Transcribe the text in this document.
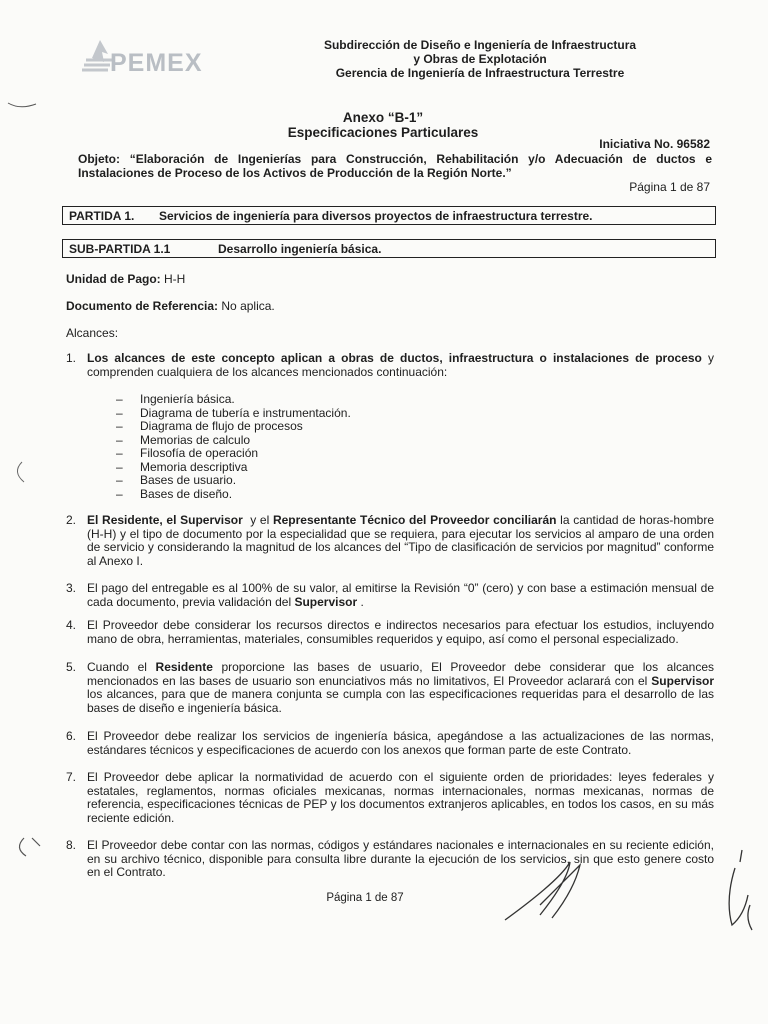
PEMEX
Subdirección de Diseño e Ingeniería de Infraestructura
y Obras de Explotación
Gerencia de Ingeniería de Infraestructura Terrestre
Anexo “B-1”
Especificaciones Particulares
Iniciativa No. 96582
Objeto: “Elaboración de Ingenierías para Construcción, Rehabilitación y/o Adecuación de ductos e Instalaciones de Proceso de los Activos de Producción de la Región Norte.”
Página 1 de 87
PARTIDA 1. Servicios de ingeniería para diversos proyectos de infraestructura terrestre.
SUB-PARTIDA 1.1	Desarrollo ingeniería básica.
Unidad de Pago: H-H
Documento de Referencia: No aplica.
Alcances:
1. Los alcances de este concepto aplican a obras de ductos, infraestructura o instalaciones de proceso y comprenden cualquiera de los alcances mencionados continuación:
– Ingeniería básica.
– Diagrama de tubería e instrumentación.
– Diagrama de flujo de procesos
– Memorias de calculo
– Filosofía de operación
– Memoria descriptiva
– Bases de usuario.
– Bases de diseño.
2. El Residente, el Supervisor  y el Representante Técnico del Proveedor conciliarán la cantidad de horas-hombre (H-H) y el tipo de documento por la especialidad que se requiera, para ejecutar los servicios al amparo de una orden de servicio y considerando la magnitud de los alcances del “Tipo de clasificación de servicios por magnitud” conforme al Anexo I.
3. El pago del entregable es al 100% de su valor, al emitirse la Revisión “0” (cero) y con base a estimación mensual de cada documento, previa validación del Supervisor .
4. El Proveedor debe considerar los recursos directos e indirectos necesarios para efectuar los estudios, incluyendo mano de obra, herramientas, materiales, consumibles requeridos y equipo, así como el personal especializado.
5. Cuando el Residente proporcione las bases de usuario, El Proveedor debe considerar que los alcances mencionados en las bases de usuario son enunciativos más no limitativos, El Proveedor aclarará con el Supervisor los alcances, para que de manera conjunta se cumpla con las especificaciones requeridas para el desarrollo de las bases de diseño e ingeniería básica.
6. El Proveedor debe realizar los servicios de ingeniería básica, apegándose a las actualizaciones de las normas, estándares técnicos y especificaciones de acuerdo con los anexos que forman parte de este Contrato.
7. El Proveedor debe aplicar la normatividad de acuerdo con el siguiente orden de prioridades: leyes federales y estatales, reglamentos, normas oficiales mexicanas, normas internacionales, normas mexicanas, normas de referencia, especificaciones técnicas de PEP y los documentos extranjeros aplicables, en todos los casos, en su más reciente edición.
8. El Proveedor debe contar con las normas, códigos y estándares nacionales e internacionales en su reciente edición, en su archivo técnico, disponible para consulta libre durante la ejecución de los servicios, sin que esto genere costo en el Contrato.
Página 1 de 87
